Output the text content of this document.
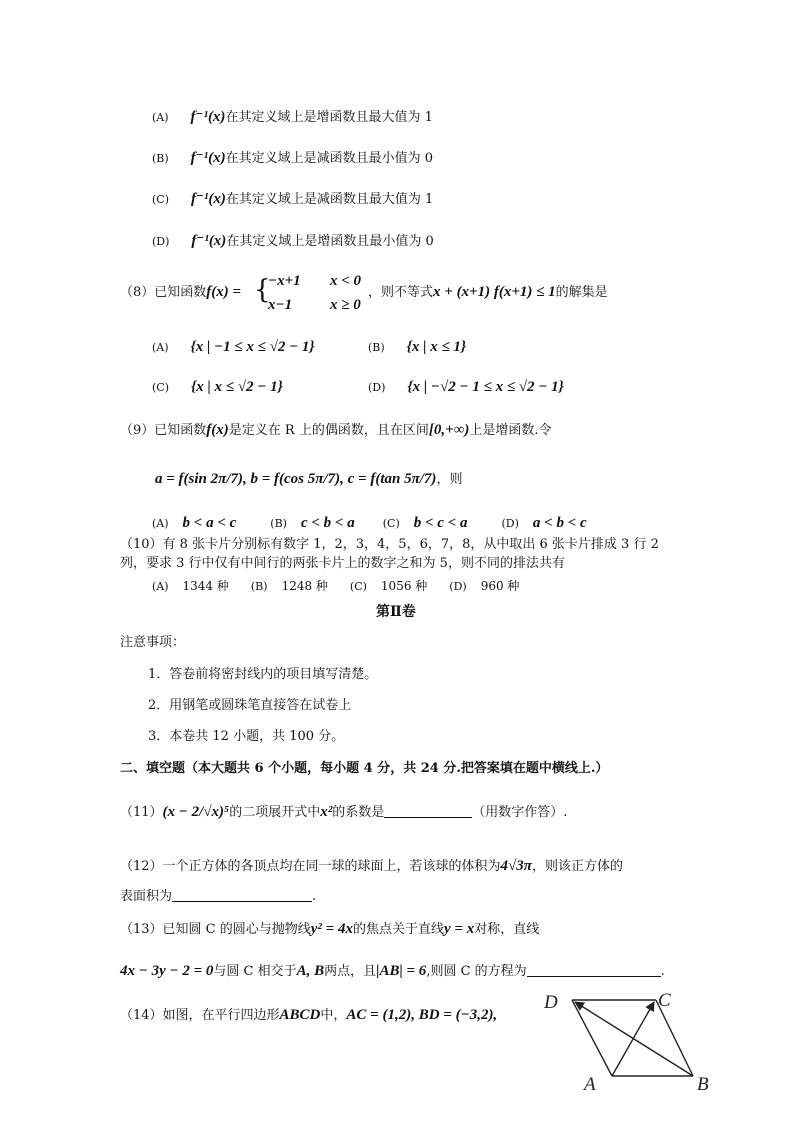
(A) f⁻¹(x)在其定义域上是增函数且最大值为 1
(B) f⁻¹(x)在其定义域上是减函数且最小值为 0
(C) f⁻¹(x)在其定义域上是减函数且最大值为 1
(D) f⁻¹(x)在其定义域上是增函数且最小值为 0
（8）已知函数f(x) = {
−x+1 x < 0
x−1	x ≥ 0
，则不等式x + (x+1) f(x+1) ≤ 1的解集是
(A) {x | −1 ≤ x ≤ √2 − 1}	(B) {x | x ≤ 1}
(C) {x | x ≤ √2 − 1}	(D) {x | −√2 − 1 ≤ x ≤ √2 − 1}
（9）已知函数f(x)是定义在 R 上的偶函数，且在区间[0,+∞)上是增函数.令
a = f(sin 2π/7), b = f(cos 5π/7), c = f(tan 5π/7)，则
(A) b < a < c	(B) c < b < a	(C) b < c < a	(D) a < b < c
（10）有 8 张卡片分别标有数字 1，2，3，4，5，6，7，8，从中取出 6 张卡片排成 3 行 2
列，要求 3 行中仅有中间行的两张卡片上的数字之和为 5，则不同的排法共有
(A) 1344 种 (B) 1248 种 (C) 1056 种 (D) 960 种
第Ⅱ卷
注意事项：
1．答卷前将密封线内的项目填写清楚。
2．用钢笔或圆珠笔直接答在试卷上
3．本卷共 12 小题，共 100 分。
二、填空题（本大题共 6 个小题，每小题 4 分，共 24 分.把答案填在题中横线上.）
（11）(x − 2/√x)⁵的二项展开式中x²的系数是	（用数字作答）.
（12）一个正方体的各顶点均在同一球的球面上，若该球的体积为4√3π，则该正方体的
表面积为	.
（13）已知圆 C 的圆心与抛物线y² = 4x的焦点关于直线y = x对称，直线
4x − 3y − 2 = 0与圆 C 相交于A, B两点，且|AB| = 6,则圆 C 的方程为	.
（14）如图，在平行四边形ABCD中，AC = (1,2), BD = (−3,2),
D	C
A	B
